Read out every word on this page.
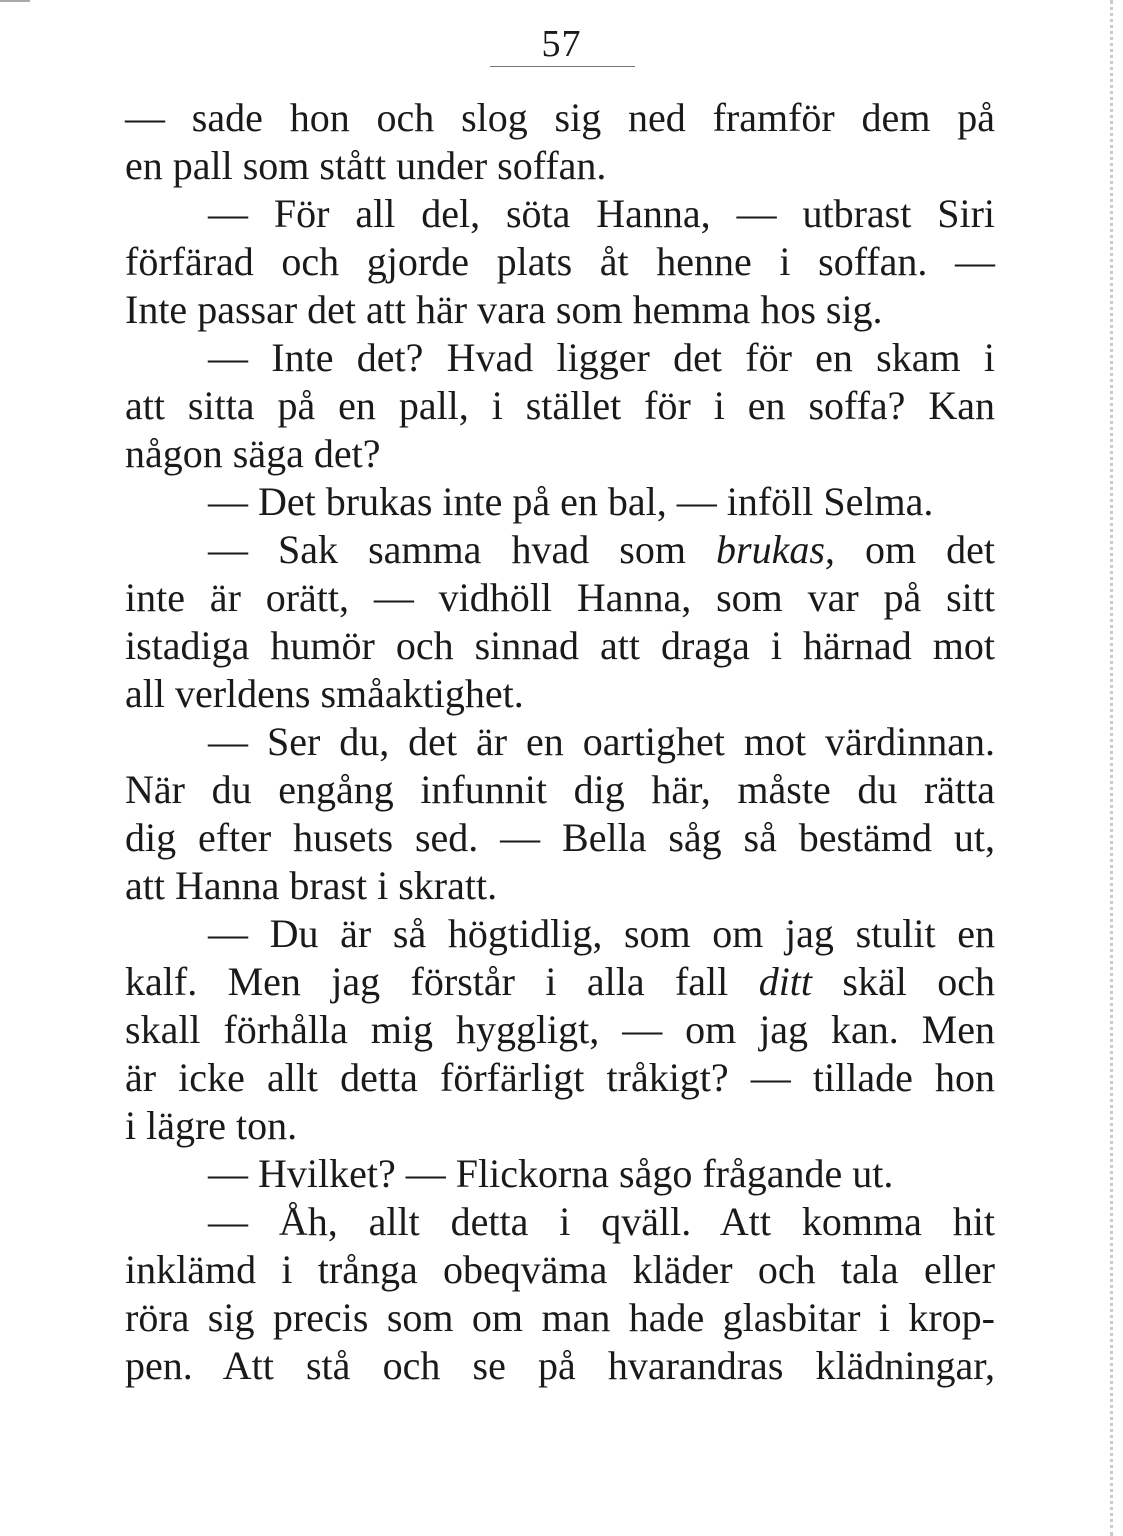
57
— sade hon och slog sig ned framför dem på
en pall som stått under soffan.
— För all del, söta Hanna, — utbrast Siri
förfärad och gjorde plats åt henne i soffan. —
Inte passar det att här vara som hemma hos sig.
— Inte det? Hvad ligger det för en skam i
att sitta på en pall, i stället för i en soffa? Kan
någon säga det?
— Det brukas inte på en bal, — inföll Selma.
— Sak samma hvad som brukas, om det
inte är orätt, — vidhöll Hanna, som var på sitt
istadiga humör och sinnad att draga i härnad mot
all verldens småaktighet.
— Ser du, det är en oartighet mot värdinnan.
När du engång infunnit dig här, måste du rätta
dig efter husets sed. — Bella såg så bestämd ut,
att Hanna brast i skratt.
— Du är så högtidlig, som om jag stulit en
kalf. Men jag förstår i alla fall ditt skäl och
skall förhålla mig hyggligt, — om jag kan. Men
är icke allt detta förfärligt tråkigt? — tillade hon
i lägre ton.
— Hvilket? — Flickorna sågo frågande ut.
— Åh, allt detta i qväll. Att komma hit
inklämd i trånga obeqväma kläder och tala eller
röra sig precis som om man hade glasbitar i krop-
pen. Att stå och se på hvarandras klädningar,
